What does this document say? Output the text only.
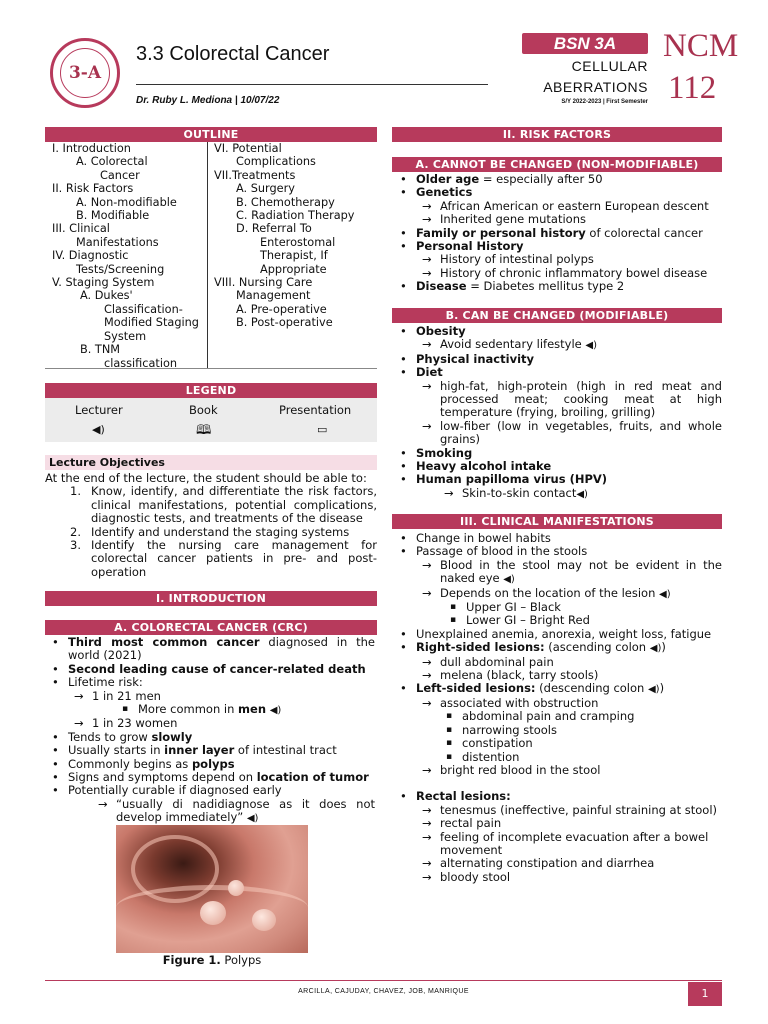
3-A
3.3 Colorectal Cancer
Dr. Ruby L. Mediona | 10/07/22
BSN 3A
CELLULAR
ABERRATIONS
S/Y 2022-2023 | First Semester
NCM
112
OUTLINE
I. Introduction
A. Colorectal
Cancer
II. Risk Factors
A. Non-modifiable
B. Modifiable
III. Clinical
Manifestations
IV. Diagnostic
Tests/Screening
V. Staging System
A. Dukes'
Classification-
Modified Staging
System
B. TNM
classification
VI. Potential
Complications
VII.Treatments
A. Surgery
B. Chemotherapy
C. Radiation Therapy
D. Referral To
Enterostomal
Therapist, If
Appropriate
VIII. Nursing Care
Management
A. Pre-operative
B. Post-operative
LEGEND
Lecturer	Book	Presentation
◀)	🕮	▭
Lecture Objectives
At the end of the lecture, the student should be able to:
1. Know, identify, and differentiate the risk factors, clinical manifestations, potential complications, diagnostic tests, and treatments of the disease
2. Identify and understand the staging systems
3. Identify the nursing care management for colorectal cancer patients in pre- and post-operation
I. INTRODUCTION
A. COLORECTAL CANCER (CRC)
• Third most common cancer diagnosed in the world (2021)
• Second leading cause of cancer-related death
• Lifetime risk:
→ 1 in 21 men
▪ More common in men ◀)
→ 1 in 23 women
• Tends to grow slowly
• Usually starts in inner layer of intestinal tract
• Commonly begins as polyps
• Signs and symptoms depend on location of tumor
• Potentially curable if diagnosed early
→ “usually di nadidiagnose as it does not develop immediately” ◀)
Figure 1. Polyps
II. RISK FACTORS
A. CANNOT BE CHANGED (NON-MODIFIABLE)
• Older age = especially after 50
• Genetics
→ African American or eastern European descent
→ Inherited gene mutations
• Family or personal history of colorectal cancer
• Personal History
→ History of intestinal polyps
→ History of chronic inflammatory bowel disease
• Disease = Diabetes mellitus type 2
B. CAN BE CHANGED (MODIFIABLE)
• Obesity
→ Avoid sedentary lifestyle ◀)
• Physical inactivity
• Diet
→ high-fat, high-protein (high in red meat and processed meat; cooking meat at high temperature (frying, broiling, grilling)
→ low-fiber (low in vegetables, fruits, and whole grains)
• Smoking
• Heavy alcohol intake
• Human papilloma virus (HPV)
→ Skin-to-skin contact◀)
III. CLINICAL MANIFESTATIONS
• Change in bowel habits
• Passage of blood in the stools
→ Blood in the stool may not be evident in the naked eye ◀)
→ Depends on the location of the lesion ◀)
▪ Upper GI – Black
▪ Lower GI – Bright Red
• Unexplained anemia, anorexia, weight loss, fatigue
• Right-sided lesions: (ascending colon ◀))
→ dull abdominal pain
→ melena (black, tarry stools)
• Left-sided lesions: (descending colon ◀))
→ associated with obstruction
▪ abdominal pain and cramping
▪ narrowing stools
▪ constipation
▪ distention
→ bright red blood in the stool
• Rectal lesions:
→ tenesmus (ineffective, painful straining at stool)
→ rectal pain
→ feeling of incomplete evacuation after a bowel movement
→ alternating constipation and diarrhea
→ bloody stool
ARCILLA, CAJUDAY, CHAVEZ, JOB, MANRIQUE	1
